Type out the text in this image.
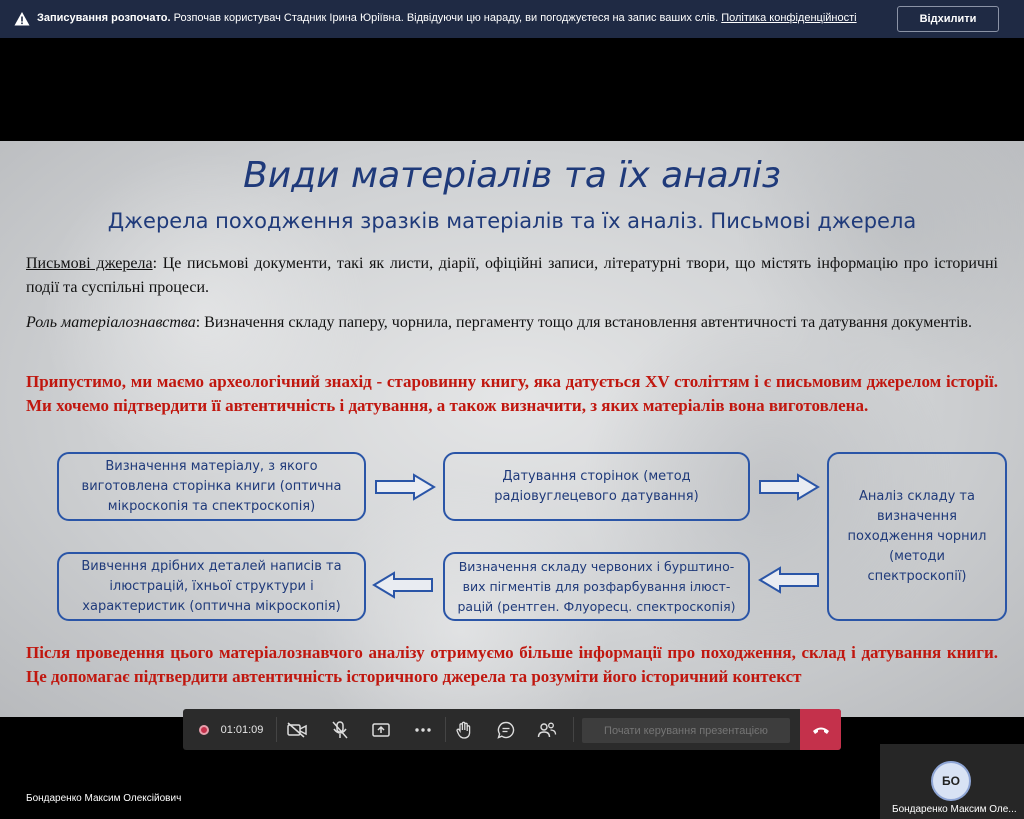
Записування розпочато. Розпочав користувач Стадник Ірина Юріївна. Відвідуючи цю нараду, ви погоджуєтеся на запис ваших слів. Політика конфіденційності	Відхилити
Види матеріалів та їх аналіз
Джерела походження зразків матеріалів та їх аналіз. Письмові джерела
Письмові джерела: Це письмові документи, такі як листи, діарії, офіційні записи, літературні твори, що містять інформацію про історичні події та суспільні процеси.
Роль матеріалознавства: Визначення складу паперу, чорнила, пергаменту тощо для встановлення автентичності та датування документів.
Припустимо, ми маємо археологічний знахід - старовинну книгу, яка датується XV століттям і є письмовим джерелом історії. Ми хочемо підтвердити її автентичність і датування, а також визначити, з яких матеріалів вона виготовлена.
Визначення матеріалу, з якого виготовлена сторінка книги (оптична мікроскопія та спектроскопія)
Датування сторінок (метод радіовуглецевого датування)	Аналіз складу та визначення походження чорнил (методи спектроскопії)
Визначення складу червоних і бурштино-вих пігментів для розфарбування ілюст-рацій (рентген. Флуоресц. спектроскопія)
Вивчення дрібних деталей написів та ілюстрацій, їхньої структури і характеристик (оптична мікроскопія)
Після проведення цього матеріалознавчого аналізу отримуємо більше інформації про походження, склад і датування книги. Це допомагає підтвердити автентичність історичного джерела та розуміти його історичний контекст
01:01:09
Почати керування презентацією
Бондаренко Максим Олексійович
БО
Бондаренко Максим Оле...
